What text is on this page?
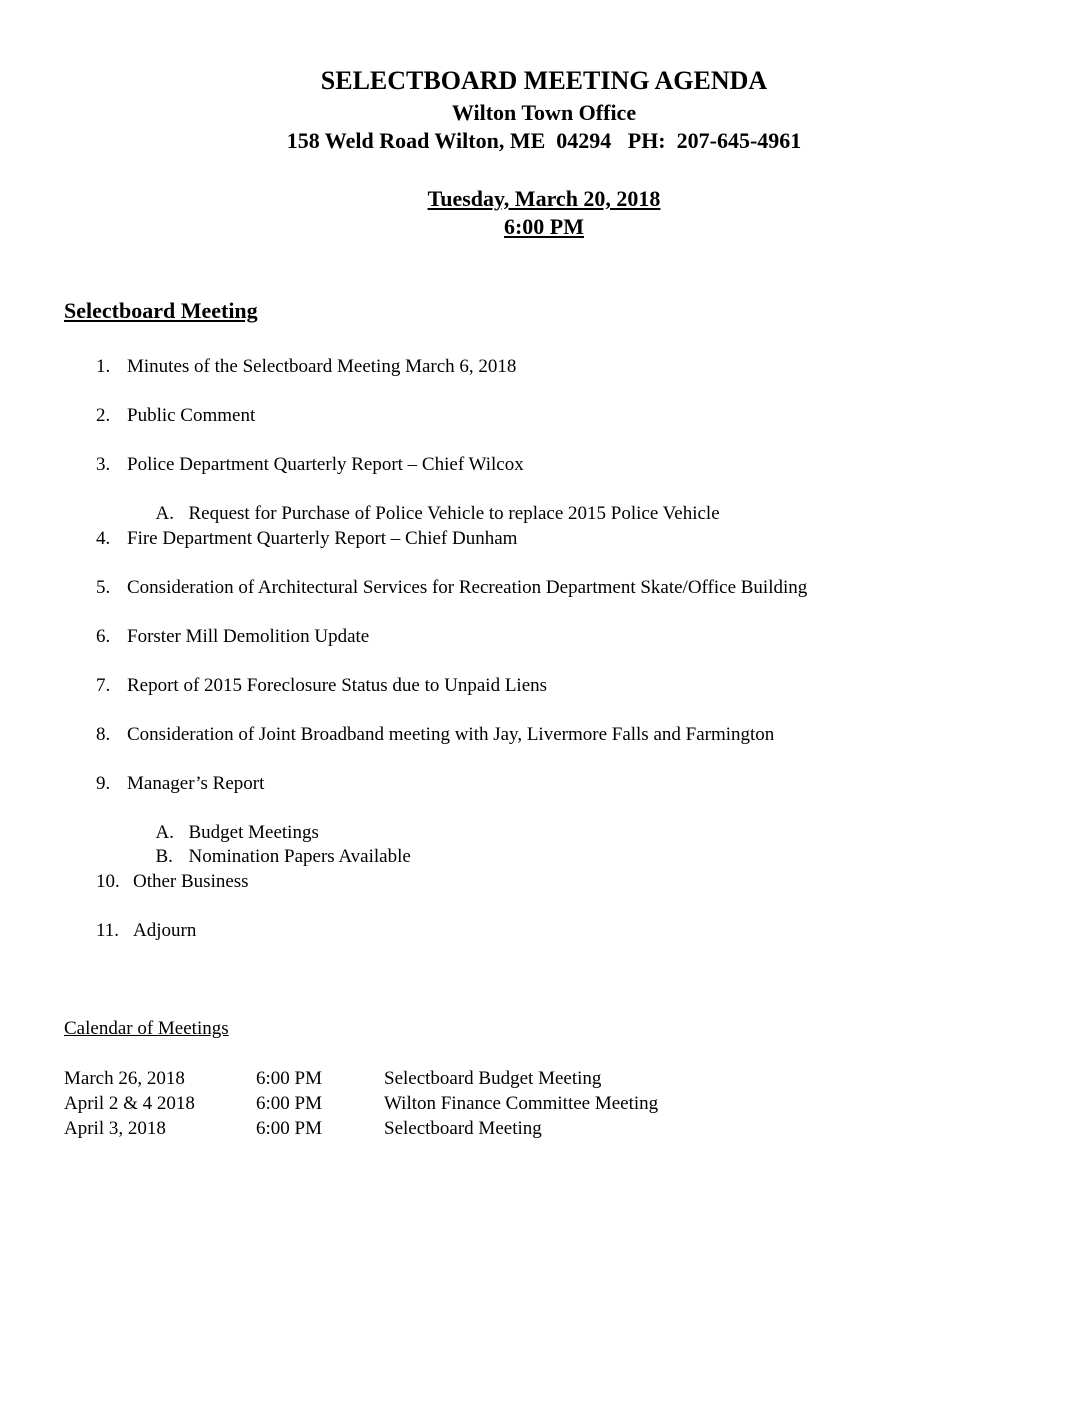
SELECTBOARD MEETING AGENDA
Wilton Town Office
158 Weld Road Wilton, ME  04294   PH:  207-645-4961
Tuesday, March 20, 2018
6:00 PM
Selectboard Meeting
1. Minutes of the Selectboard Meeting March 6, 2018
2. Public Comment
3. Police Department Quarterly Report – Chief Wilcox

A. Request for Purchase of Police Vehicle to replace 2015 Police Vehicle

4. Fire Department Quarterly Report – Chief Dunham
5. Consideration of Architectural Services for Recreation Department Skate/Office Building
6. Forster Mill Demolition Update
7. Report of 2015 Foreclosure Status due to Unpaid Liens
8. Consideration of Joint Broadband meeting with Jay, Livermore Falls and Farmington
9. Manager’s Report

A. Budget Meetings

B. Nomination Papers Available

10. Other Business
11. Adjourn
Calendar of Meetings
March 26, 2018	6:00 PM	Selectboard Budget Meeting
April 2 & 4 2018	6:00 PM	Wilton Finance Committee Meeting
April 3, 2018	6:00 PM	Selectboard Meeting
